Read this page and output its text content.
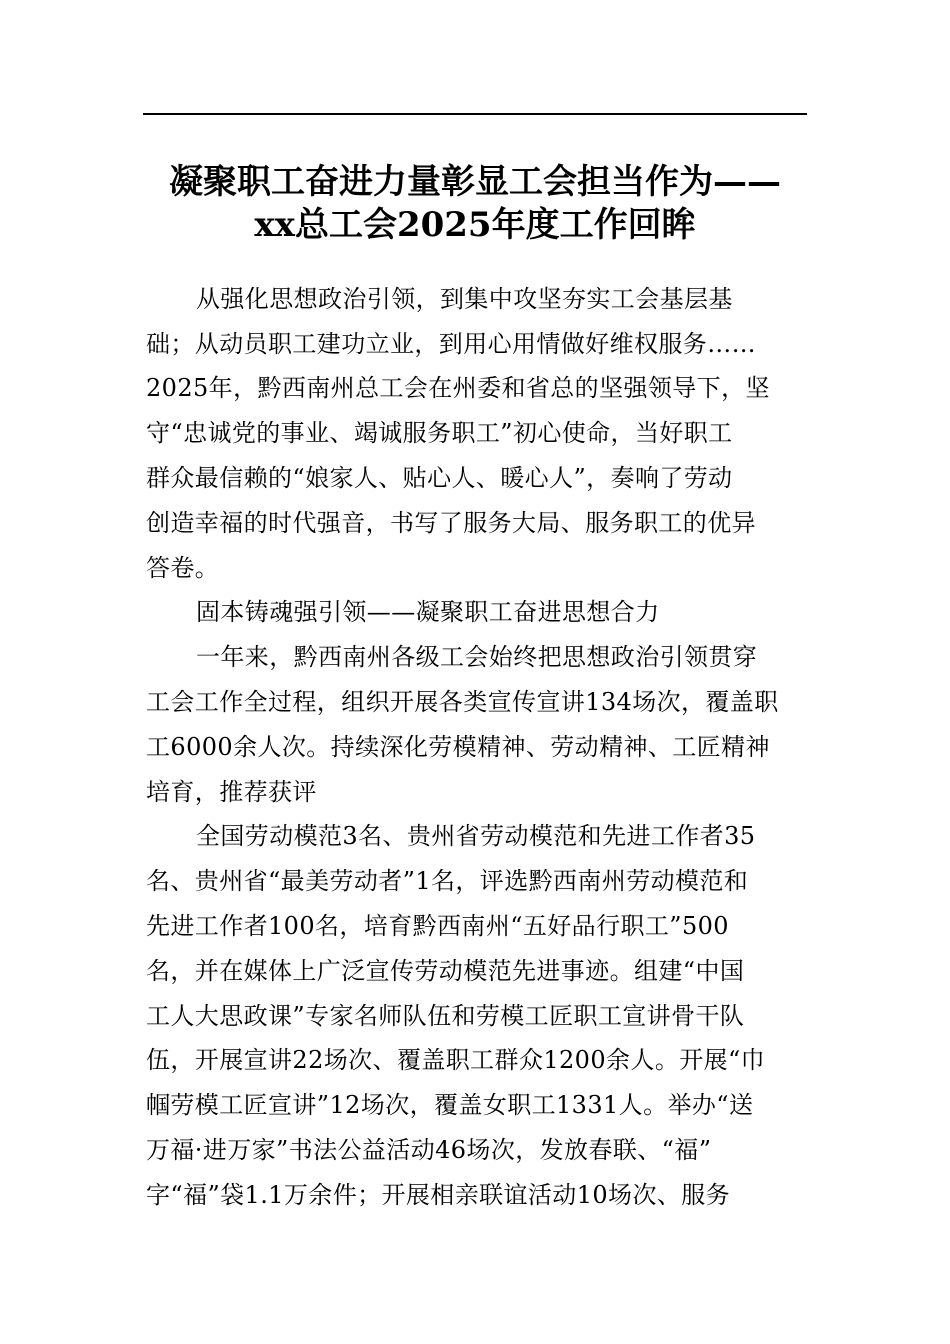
凝聚职工奋进力量彰显工会担当作为——
xx总工会2025年度工作回眸
从强化思想政治引领，到集中攻坚夯实工会基层基
础；从动员职工建功立业，到用心用情做好维权服务……
2025年，黔西南州总工会在州委和省总的坚强领导下，坚
守“忠诚党的事业、竭诚服务职工”初心使命，当好职工
群众最信赖的“娘家人、贴心人、暖心人”，奏响了劳动
创造幸福的时代强音，书写了服务大局、服务职工的优异
答卷。
固本铸魂强引领——凝聚职工奋进思想合力
一年来，黔西南州各级工会始终把思想政治引领贯穿
工会工作全过程，组织开展各类宣传宣讲134场次，覆盖职
工6000余人次。持续深化劳模精神、劳动精神、工匠精神
培育，推荐获评
全国劳动模范3名、贵州省劳动模范和先进工作者35
名、贵州省“最美劳动者”1名，评选黔西南州劳动模范和
先进工作者100名，培育黔西南州“五好品行职工”500
名，并在媒体上广泛宣传劳动模范先进事迹。组建“中国
工人大思政课”专家名师队伍和劳模工匠职工宣讲骨干队
伍，开展宣讲22场次、覆盖职工群众1200余人。开展“巾
帼劳模工匠宣讲”12场次，覆盖女职工1331人。举办“送
万福·进万家”书法公益活动46场次，发放春联、“福”
字“福”袋1.1万余件；开展相亲联谊活动10场次、服务
